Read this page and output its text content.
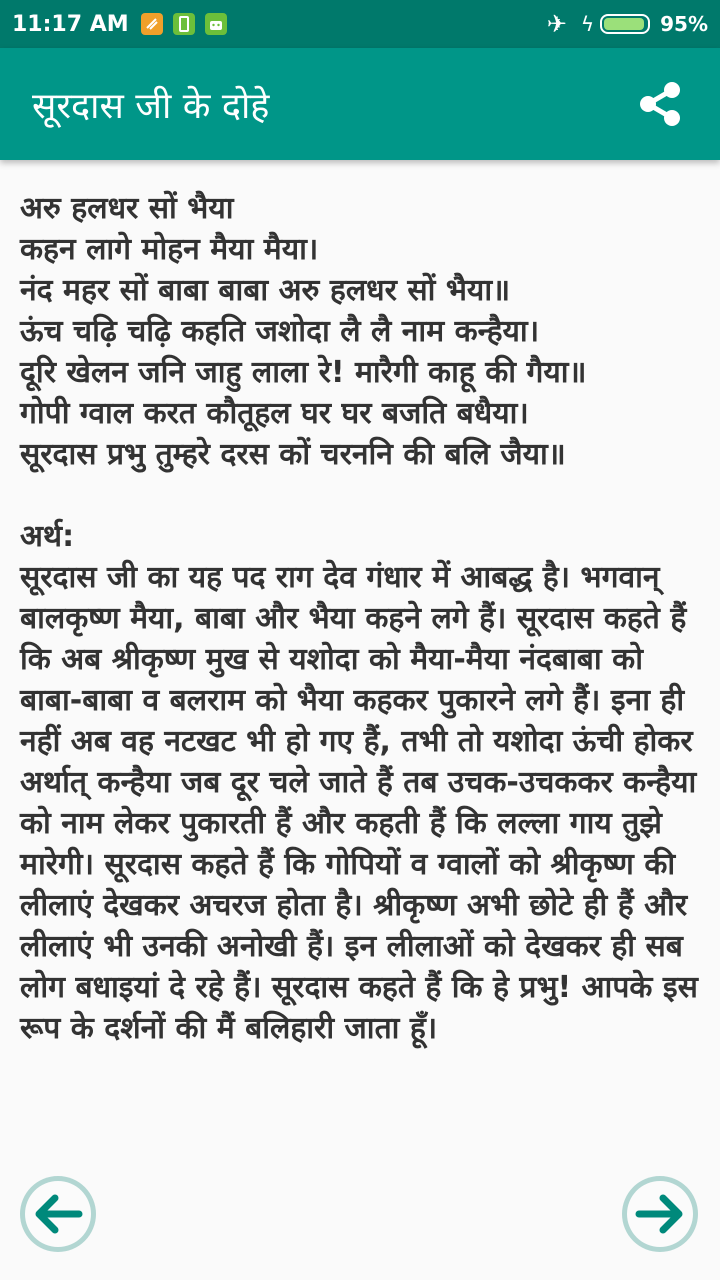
11:17 AM	✈ ϟ	95%
सूरदास जी के दोहे

अरु हलधर सों भैया

कहन लागे मोहन मैया मैया।

नंद महर सों बाबा बाबा अरु हलधर सों भैया॥

ऊंच चढ़ि चढ़ि कहति जशोदा लै लै नाम कन्हैया।

दूरि खेलन जनि जाहु लाला रे! मारैगी काहू की गैया॥

गोपी ग्वाल करत कौतूहल घर घर बजति बधैया।

सूरदास प्रभु तुम्हरे दरस कों चरननि की बलि जैया॥

अर्थ:

सूरदास जी का यह पद राग देव गंधार में आबद्ध है। भगवान् बालकृष्ण मैया, बाबा और भैया कहने लगे हैं। सूरदास कहते हैं कि अब श्रीकृष्ण मुख से यशोदा को मैया-मैया नंदबाबा को बाबा-बाबा व बलराम को भैया कहकर पुकारने लगे हैं। इना ही नहीं अब वह नटखट भी हो गए हैं, तभी तो यशोदा ऊंची होकर अर्थात् कन्हैया जब दूर चले जाते हैं तब उचक-उचककर कन्हैया को नाम लेकर पुकारती हैं और कहती हैं कि लल्ला गाय तुझे मारेगी। सूरदास कहते हैं कि गोपियों व ग्वालों को श्रीकृष्ण की लीलाएं देखकर अचरज होता है। श्रीकृष्ण अभी छोटे ही हैं और लीलाएं भी उनकी अनोखी हैं। इन लीलाओं को देखकर ही सब लोग बधाइयां दे रहे हैं। सूरदास कहते हैं कि हे प्रभु! आपके इस रूप के दर्शनों की मैं बलिहारी जाता हूँ।
